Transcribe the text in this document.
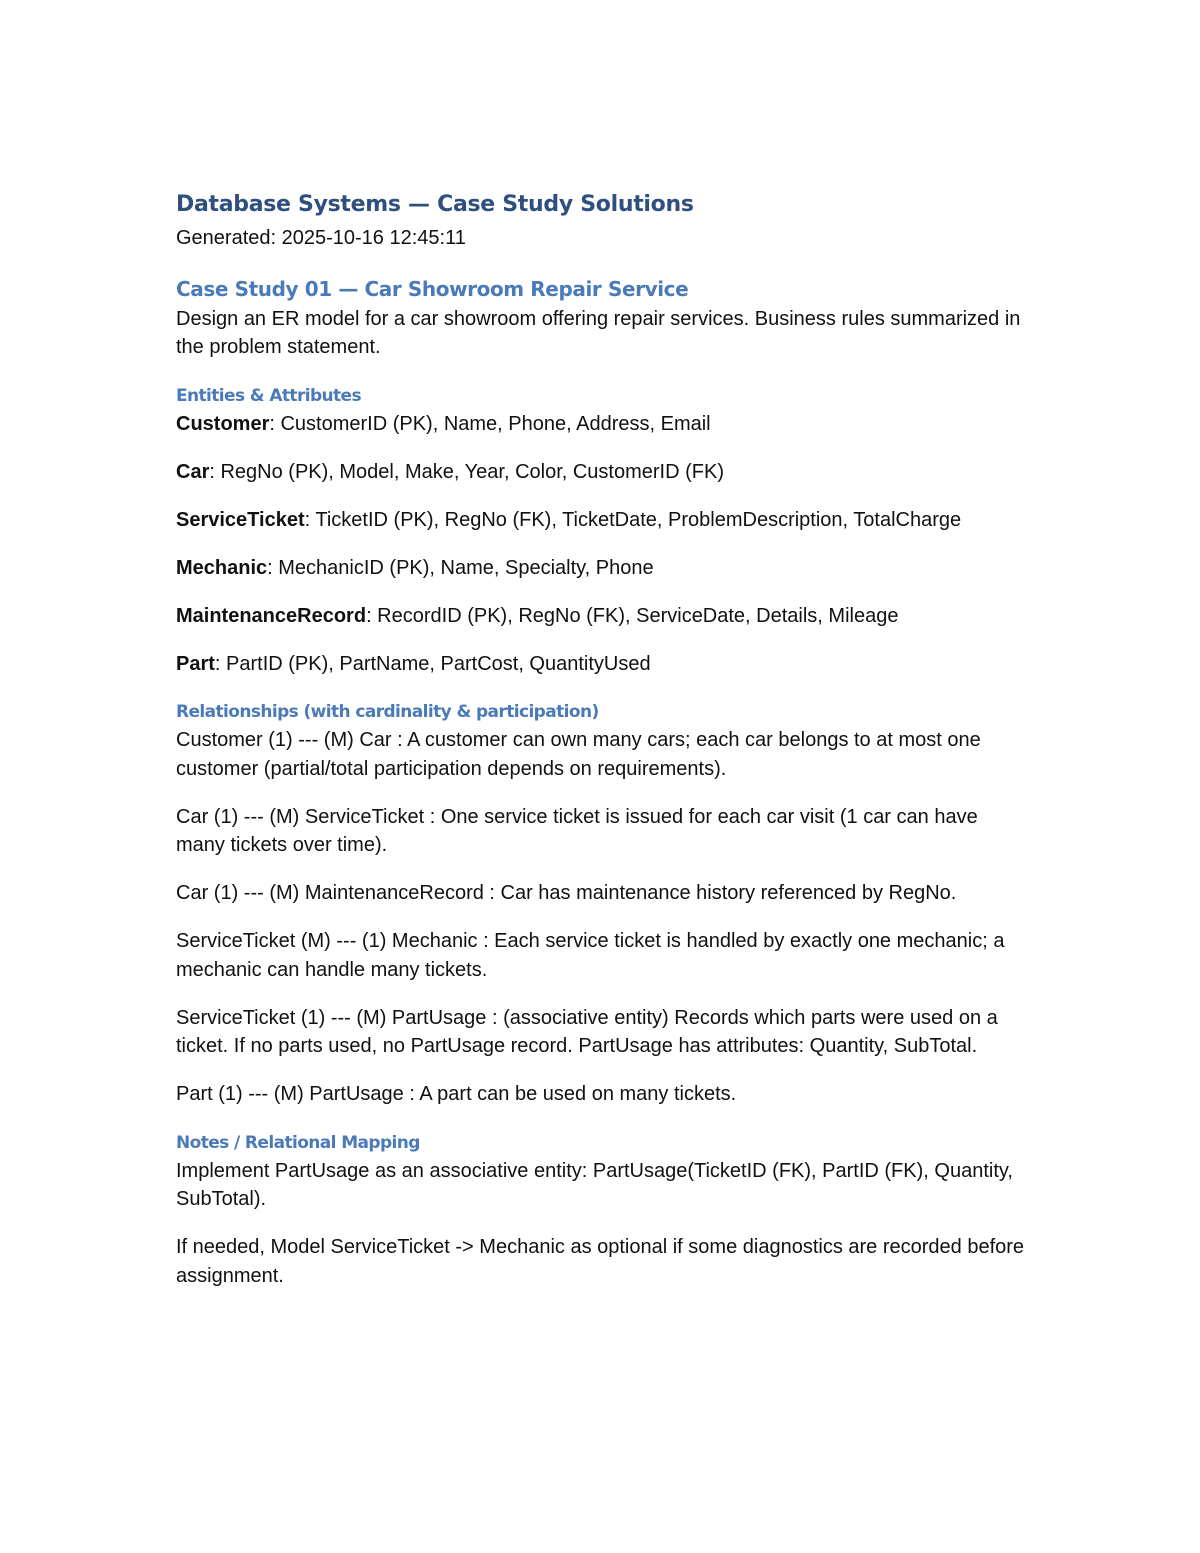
Database Systems — Case Study Solutions

Generated: 2025-10-16 12:45:11

Case Study 01 — Car Showroom Repair Service

Design an ER model for a car showroom offering repair services. Business rules summarized in the problem statement.

Entities & Attributes

Customer: CustomerID (PK), Name, Phone, Address, Email

Car: RegNo (PK), Model, Make, Year, Color, CustomerID (FK)

ServiceTicket: TicketID (PK), RegNo (FK), TicketDate, ProblemDescription, TotalCharge

Mechanic: MechanicID (PK), Name, Specialty, Phone

MaintenanceRecord: RecordID (PK), RegNo (FK), ServiceDate, Details, Mileage

Part: PartID (PK), PartName, PartCost, QuantityUsed

Relationships (with cardinality & participation)

Customer (1) --- (M) Car : A customer can own many cars; each car belongs to at most one customer (partial/total participation depends on requirements).

Car (1) --- (M) ServiceTicket : One service ticket is issued for each car visit (1 car can have many tickets over time).

Car (1) --- (M) MaintenanceRecord : Car has maintenance history referenced by RegNo.

ServiceTicket (M) --- (1) Mechanic : Each service ticket is handled by exactly one mechanic; a mechanic can handle many tickets.

ServiceTicket (1) --- (M) PartUsage : (associative entity) Records which parts were used on a ticket. If no parts used, no PartUsage record. PartUsage has attributes: Quantity, SubTotal.

Part (1) --- (M) PartUsage : A part can be used on many tickets.

Notes / Relational Mapping

Implement PartUsage as an associative entity: PartUsage(TicketID (FK), PartID (FK), Quantity, SubTotal).

If needed, Model ServiceTicket -> Mechanic as optional if some diagnostics are recorded before assignment.
